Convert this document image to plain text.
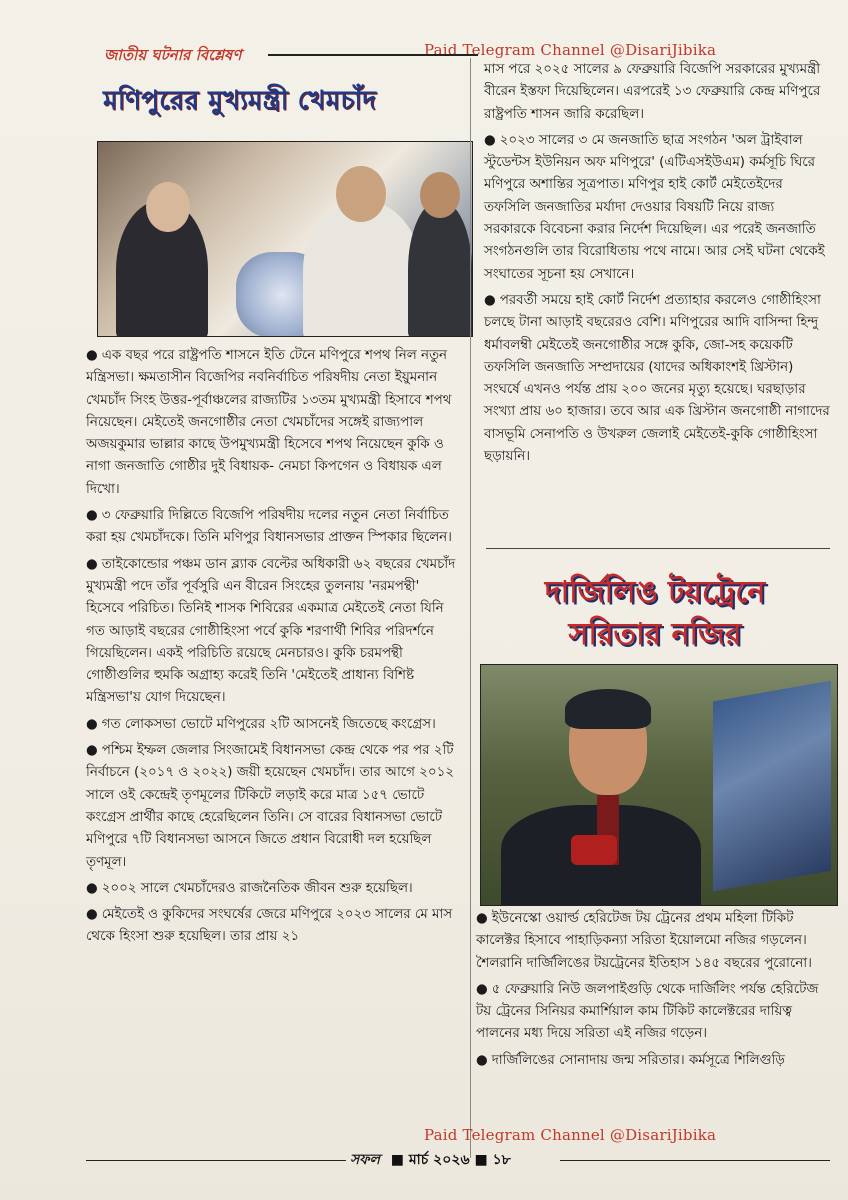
Paid Telegram Channel @DisariJibika
জাতীয় ঘটনার বিশ্লেষণ
মণিপুরের মুখ্যমন্ত্রী খেমচাঁদ

● এক বছর পরে রাষ্ট্রপতি শাসনে ইতি টেনে মণিপুরে শপথ নিল নতুন মন্ত্রিসভা। ক্ষমতাসীন বিজেপির নবনির্বাচিত পরিষদীয় নেতা ইয়ুমনান খেমচাঁদ সিংহ উত্তর-পূর্বাঞ্চলের রাজ্যটির ১৩তম মুখ্যমন্ত্রী হিসাবে শপথ নিয়েছেন। মেইতেই জনগোষ্ঠীর নেতা খেমচাঁদের সঙ্গেই রাজ্যপাল অজয়কুমার ভাল্লার কাছে উপমুখ্যমন্ত্রী হিসেবে শপথ নিয়েছেন কুকি ও নাগা জনজাতি গোষ্ঠীর দুই বিধায়ক- নেমচা কিপগেন ও বিধায়ক এল দিখো।

● ৩ ফেব্রুয়ারি দিল্লিতে বিজেপি পরিষদীয় দলের নতুন নেতা নির্বাচিত করা হয় খেমচাঁদকে। তিনি মণিপুর বিধানসভার প্রাক্তন স্পিকার ছিলেন।

● তাইকোন্ডোর পঞ্চম ডান ব্ল্যাক বেল্টের অধিকারী ৬২ বছরের খেমচাঁদ মুখ্যমন্ত্রী পদে তাঁর পূর্বসুরি এন বীরেন সিংহের তুলনায় 'নরমপন্থী' হিসেবে পরিচিত। তিনিই শাসক শিবিরের একমাত্র মেইতেই নেতা যিনি গত আড়াই বছরের গোষ্ঠীহিংসা পর্বে কুকি শরণার্থী শিবির পরিদর্শনে গিয়েছিলেন। একই পরিচিতি রয়েছে মেনচারও। কুকি চরমপন্থী গোষ্ঠীগুলির হুমকি অগ্রাহ্য করেই তিনি 'মেইতেই প্রাধান্য বিশিষ্ট মন্ত্রিসভা'য় যোগ দিয়েছেন।

● গত লোকসভা ভোটে মণিপুরের ২টি আসনেই জিতেছে কংগ্রেস।

● পশ্চিম ইম্ফল জেলার সিংজামেই বিধানসভা কেন্দ্র থেকে পর পর ২টি নির্বাচনে (২০১৭ ও ২০২২) জয়ী হয়েছেন খেমচাঁদ। তার আগে ২০১২ সালে ওই কেন্দ্রেই তৃণমূলের টিকিটে লড়াই করে মাত্র ১৫৭ ভোটে কংগ্রেস প্রার্থীর কাছে হেরেছিলেন তিনি। সে বারের বিধানসভা ভোটে মণিপুরে ৭টি বিধানসভা আসনে জিতে প্রধান বিরোধী দল হয়েছিল তৃণমূল।

● ২০০২ সালে খেমচাঁদেরও রাজনৈতিক জীবন শুরু হয়েছিল।

● মেইতেই ও কুকিদের সংঘর্ষের জেরে মণিপুরে ২০২৩ সালের মে মাস থেকে হিংসা শুরু হয়েছিল। তার প্রায় ২১

মাস পরে ২০২৫ সালের ৯ ফেব্রুয়ারি বিজেপি সরকারের মুখ্যমন্ত্রী বীরেন ইস্তফা দিয়েছিলেন। এরপরেই ১৩ ফেব্রুয়ারি কেন্দ্র মণিপুরে রাষ্ট্রপতি শাসন জারি করেছিল।

● ২০২৩ সালের ৩ মে জনজাতি ছাত্র সংগঠন 'অল ট্রাইবাল স্টুডেন্টস ইউনিয়ন অফ মণিপুরে' (এটিএসইউএম) কর্মসূচি ঘিরে মণিপুরে অশান্তির সূত্রপাত। মণিপুর হাই কোর্ট মেইতেইদের তফসিলি জনজাতির মর্যাদা দেওয়ার বিষয়টি নিয়ে রাজ্য সরকারকে বিবেচনা করার নির্দেশ দিয়েছিল। এর পরেই জনজাতি সংগঠনগুলি তার বিরোধিতায় পথে নামে। আর সেই ঘটনা থেকেই সংঘাতের সূচনা হয় সেখানে।

● পরবর্তী সময়ে হাই কোর্ট নির্দেশ প্রত্যাহার করলেও গোষ্ঠীহিংসা চলছে টানা আড়াই বছরেরও বেশি। মণিপুরের আদি বাসিন্দা হিন্দু ধর্মাবলম্বী মেইতেই জনগোষ্ঠীর সঙ্গে কুকি, জো-সহ কয়েকটি তফসিলি জনজাতি সম্প্রদায়ের (যাদের অধিকাংশই খ্রিস্টান) সংঘর্ষে এখনও পর্যন্ত প্রায় ২০০ জনের মৃত্যু হয়েছে। ঘরছাড়ার সংখ্যা প্রায় ৬০ হাজার। তবে আর এক খ্রিস্টান জনগোষ্ঠী নাগাদের বাসভূমি সেনাপতি ও উখরুল জেলাই মেইতেই-কুকি গোষ্ঠীহিংসা ছড়ায়নি।

দার্জিলিঙ টয়ট্রেনে
সরিতার নজির

● ইউনেস্কো ওয়ার্ল্ড হেরিটেজ টয় ট্রেনের প্রথম মহিলা টিকিট কালেক্টর হিসাবে পাহাড়িকন্যা সরিতা ইয়োলমো নজির গড়লেন। শৈলরানি দার্জিলিঙের টয়ট্রেনের ইতিহাস ১৪৫ বছরের পুরোনো।

● ৫ ফেব্রুয়ারি নিউ জলপাইগুড়ি থেকে দার্জিলিং পর্যন্ত হেরিটেজ টয় ট্রেনের সিনিয়র কমার্শিয়াল কাম টিকিট কালেক্টরের দায়িত্ব পালনের মধ্য দিয়ে সরিতা এই নজির গড়েন।

● দার্জিলিঙের সোনাদায় জন্ম সরিতার। কর্মসূত্রে শিলিগুড়ি

Paid Telegram Channel @DisariJibika
সফল ■ মার্চ ২০২৬ ■ ১৮
